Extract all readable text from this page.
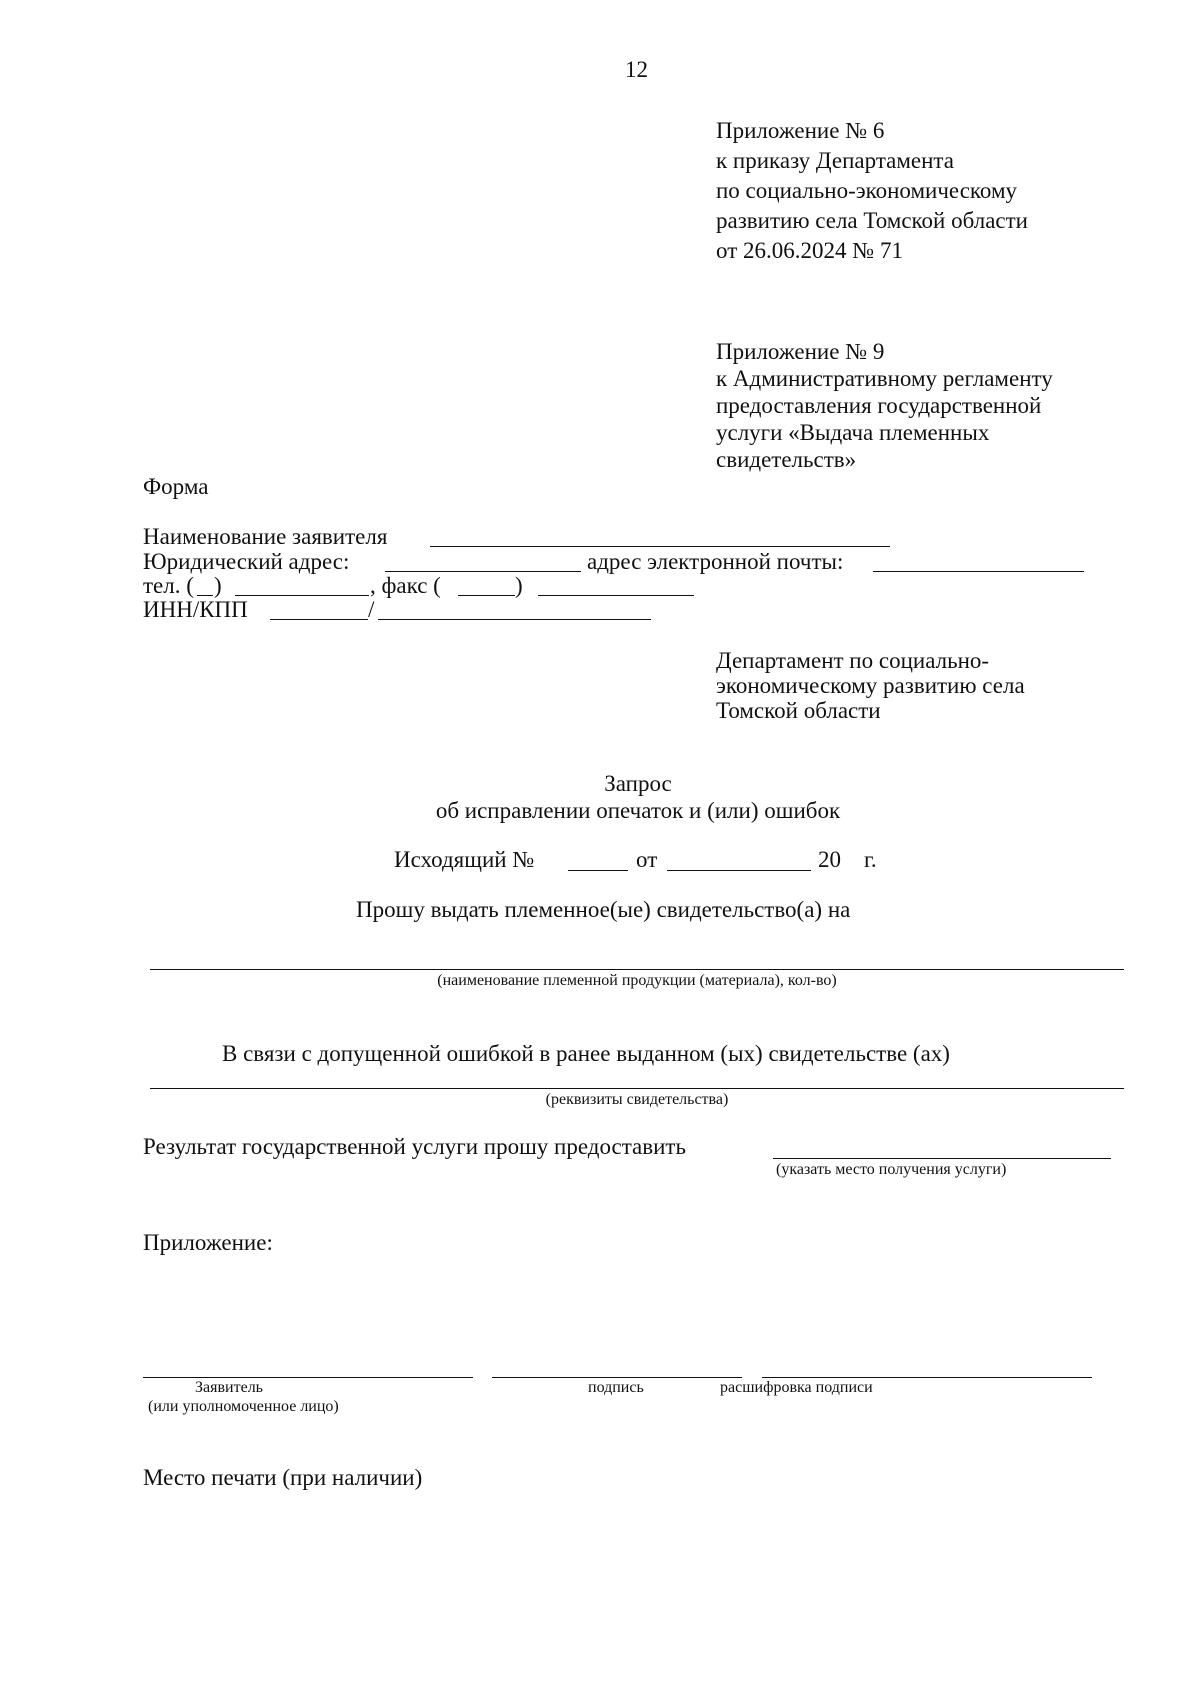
12
Приложение № 6
к приказу Департамента
по социально-экономическому
развитию села Томской области
от 26.06.2024 № 71
Приложение № 9
к Административному регламенту
предоставления государственной
услуги «Выдача племенных
свидетельств»
Форма
Наименование заявителя
Юридический адрес:	адрес электронной почты:
тел. ( )	, факс (	)
ИНН/КПП	/
Департамент по социально-
экономическому развитию села
Томской области
Запрос
об исправлении опечаток и (или) ошибок
Исходящий №	от	20 г.
Прошу выдать племенное(ые) свидетельство(а) на
(наименование племенной продукции (материала), кол-во)
В связи с допущенной ошибкой в ранее выданном (ых) свидетельстве (ах)
(реквизиты свидетельства)
Результат государственной услуги прошу предоставить
(указать место получения услуги)
Приложение:
Заявитель
(или уполномоченное лицо)
подпись	расшифровка подписи
Место печати (при наличии)
